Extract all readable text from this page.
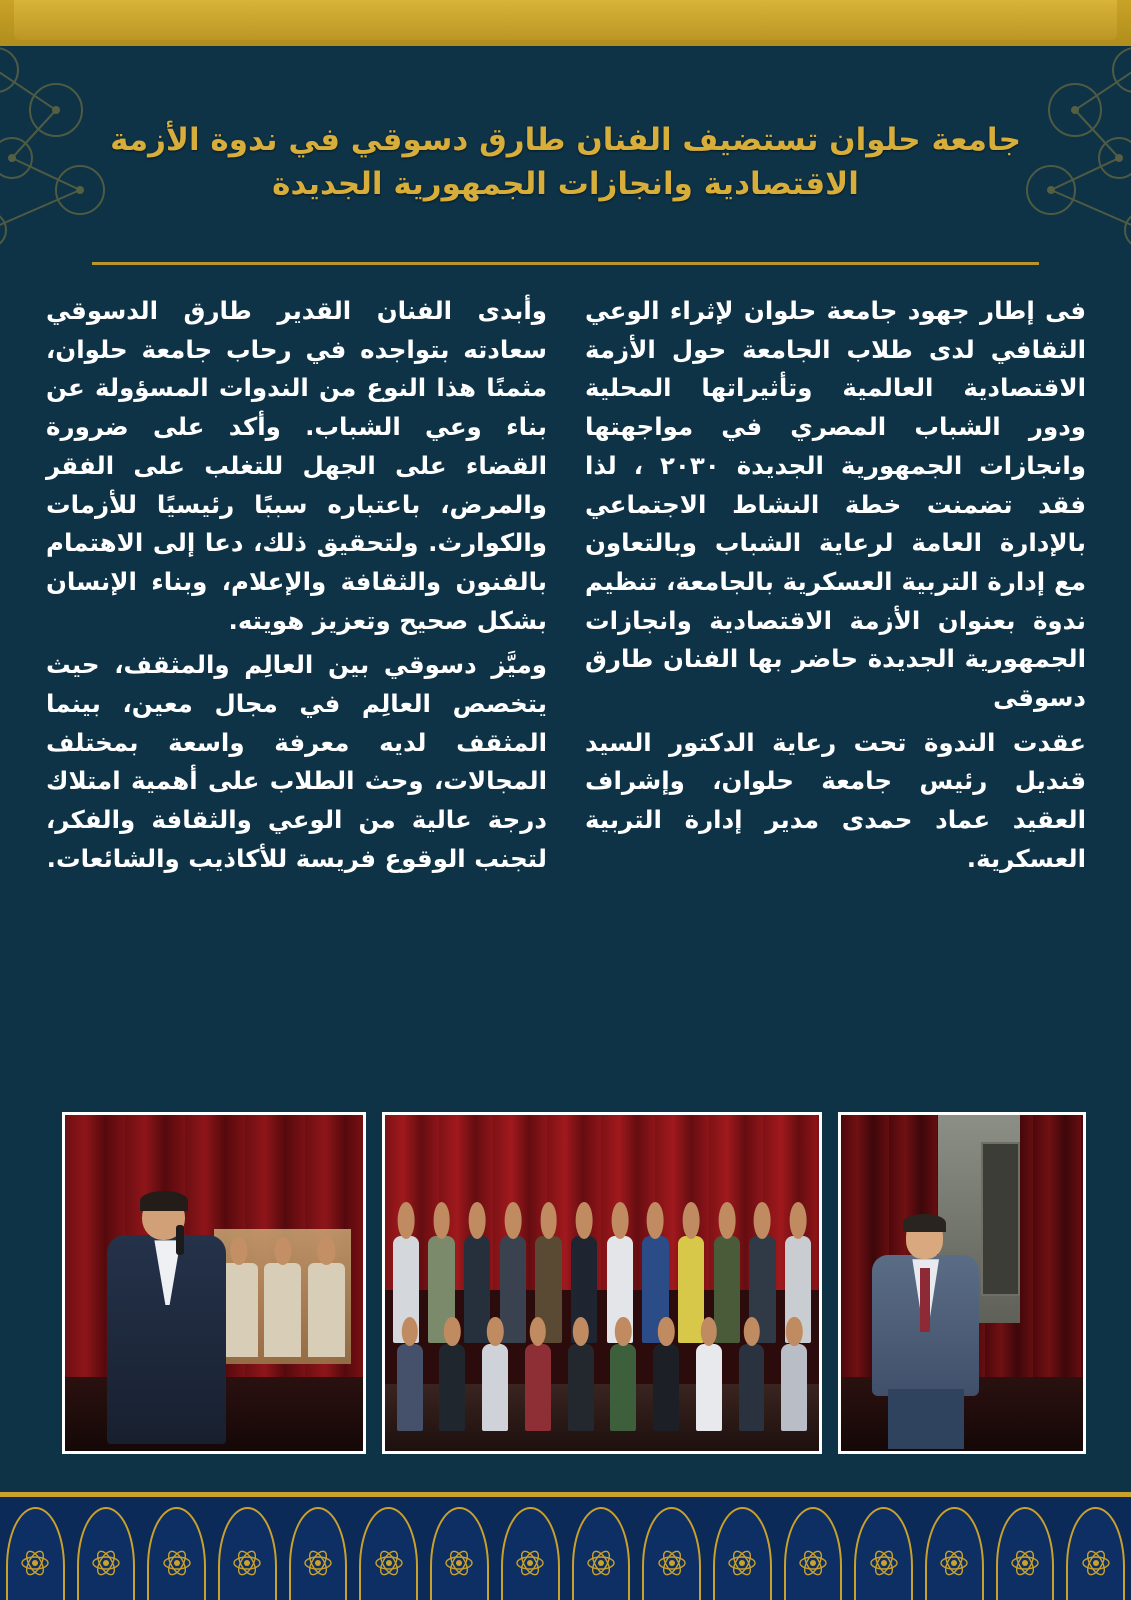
جامعة حلوان تستضيف الفنان طارق دسوقي في ندوة الأزمة الاقتصادية وانجازات الجمهورية الجديدة

فى إطار جهود جامعة حلوان لإثراء الوعي الثقافي لدى طلاب الجامعة حول الأزمة الاقتصادية العالمية وتأثيراتها المحلية ودور الشباب المصري في مواجهتها وانجازات الجمهورية الجديدة ٢٠٣٠ ، لذا فقد تضمنت خطة النشاط الاجتماعي بالإدارة العامة لرعاية الشباب وبالتعاون مع إدارة التربية العسكرية بالجامعة، تنظيم ندوة بعنوان الأزمة الاقتصادية وانجازات الجمهورية الجديدة حاضر بها الفنان طارق دسوقى

عقدت الندوة تحت رعاية الدكتور السيد قنديل رئيس جامعة حلوان، وإشراف العقيد عماد حمدى مدير إدارة التربية العسكرية.

وأبدى الفنان القدير طارق الدسوقي سعادته بتواجده في رحاب جامعة حلوان، مثمنًا هذا النوع من الندوات المسؤولة عن بناء وعي الشباب. وأكد على ضرورة القضاء على الجهل للتغلب على الفقر والمرض، باعتباره سببًا رئيسيًا للأزمات والكوارث. ولتحقيق ذلك، دعا إلى الاهتمام بالفنون والثقافة والإعلام، وبناء الإنسان بشكل صحيح وتعزيز هويته.

وميَّز دسوقي بين العالِم والمثقف، حيث يتخصص العالِم في مجال معين، بينما المثقف لديه معرفة واسعة بمختلف المجالات، وحث الطلاب على أهمية امتلاك درجة عالية من الوعي والثقافة والفكر، لتجنب الوقوع فريسة للأكاذيب والشائعات.
